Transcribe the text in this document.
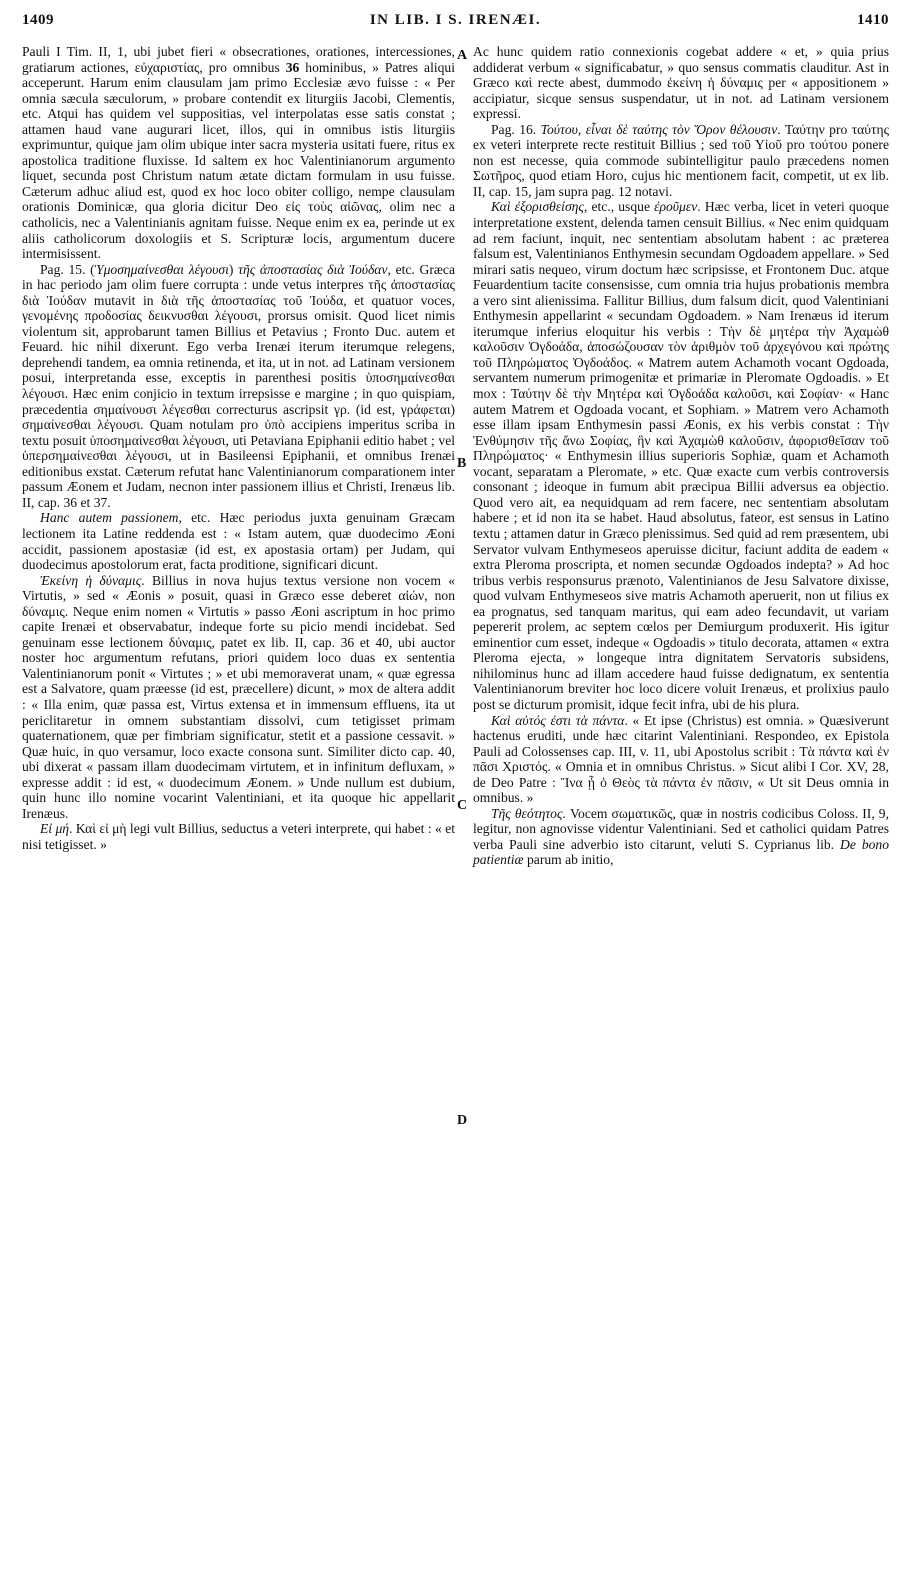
1409	IN LIB. I S. IRENÆI.	1410

Pauli I Tim. II, 1, ubi jubet fieri « obsecrationes, orationes, intercessiones, gratiarum actiones, εὐχαριστίας, pro omnibus 36 hominibus, » Patres aliqui acceperunt. Harum enim clausulam jam primo Ecclesiæ ævo fuisse : « Per omnia sæcula sæculorum, » probare contendit ex liturgiis Jacobi, Clementis, etc. Atqui has quidem vel suppositias, vel interpolatas esse satis constat ; attamen haud vane augurari licet, illos, qui in omnibus istis liturgiis exprimuntur, quique jam olim ubique inter sacra mysteria usitati fuere, ritus ex apostolica traditione fluxisse. Id saltem ex hoc Valentinianorum argumento liquet, secunda post Christum natum ætate dictam formulam in usu fuisse. Cæterum adhuc aliud est, quod ex hoc loco obiter colligo, nempe clausulam orationis Dominicæ, qua gloria dicitur Deo εἰς τοὺς αἰῶνας, olim nec a catholicis, nec a Valentinianis agnitam fuisse. Neque enim ex ea, perinde ut ex aliis catholicorum doxologiis et S. Scripturæ locis, argumentum ducere intermisissent.

Pag. 15. (Ὑμοσημαίνεσθαι λέγουσι) τῆς ἀποστασίας διὰ Ἰούδαν, etc. Græca in hac periodo jam olim fuere corrupta : unde vetus interpres τῆς ἀποστασίας διὰ Ἰούδαν mutavit in διὰ τῆς ἀποστασίας τοῦ Ἰούδα, et quatuor voces, γενομένης προδοσίας δεικνυσθαι λέγουσι, prorsus omisit. Quod licet nimis violentum sit, approbarunt tamen Billius et Petavius ; Fronto Duc. autem et Feuard. hic nihil dixerunt. Ego verba Irenæi iterum iterumque relegens, deprehendi tandem, ea omnia retinenda, et ita, ut in not. ad Latinam versionem posui, interpretanda esse, exceptis in parenthesi positis ὑποσημαίνεσθαι λέγουσι. Hæc enim conjicio in textum irrepsisse e margine ; in quo quispiam, præcedentia σημαίνουσι λέγεσθαι correcturus ascripsit γρ. (id est, γράφεται) σημαίνεσθαι λέγουσι. Quam notulam pro ὑπὸ accipiens imperitus scriba in textu posuit ὑποσημαίνεσθαι λέγουσι, uti Petaviana Epiphanii editio habet ; vel ὑπερσημαίνεσθαι λέγουσι, ut in Basileensi Epiphanii, et omnibus Irenæi editionibus exstat. Cæterum refutat hanc Valentinianorum comparationem inter passum Æonem et Judam, necnon inter passionem illius et Christi, Irenæus lib. II, cap. 36 et 37.

Hanc autem passionem, etc. Hæc periodus juxta genuinam Græcam lectionem ita Latine reddenda est : « Istam autem, quæ duodecimo Æoni accidit, passionem apostasiæ (id est, ex apostasia ortam) per Judam, qui duodecimus apostolorum erat, facta proditione, significari dicunt.

Ἐκείνη ἡ δύναμις. Billius in nova hujus textus versione non vocem « Virtutis, » sed « Æonis » posuit, quasi in Græco esse deberet αἰών, non δύναμις. Neque enim nomen « Virtutis » passo Æoni ascriptum in hoc primo capite Irenæi et observabatur, indeque forte su picio mendi incidebat. Sed genuinam esse lectionem δύναμις, patet ex lib. II, cap. 36 et 40, ubi auctor noster hoc argumentum refutans, priori quidem loco duas ex sententia Valentinianorum ponit « Virtutes ; » et ubi memoraverat unam, « quæ egressa est a Salvatore, quam præesse (id est, præcellere) dicunt, » mox de altera addit : « Illa enim, quæ passa est, Virtus extensa et in immensum effluens, ita ut periclitaretur in omnem substantiam dissolvi, cum tetigisset primam quaternationem, quæ per fimbriam significatur, stetit et a passione cessavit. » Quæ huic, in quo versamur, loco exacte consona sunt. Similiter dicto cap. 40, ubi dixerat « passam illam duodecimam virtutem, et in infinitum defluxam, » expresse addit : id est, « duodecimum Æonem. » Unde nullum est dubium, quin hunc illo nomine vocarint Valentiniani, et ita quoque hic appellarit Irenæus.

Εἰ μή. Καὶ εἰ μὴ legi vult Billius, seductus a veteri interprete, qui habet : « et nisi tetigisset. »

Ac hunc quidem ratio connexionis cogebat addere « et, » quia prius addiderat verbum « significabatur, » quo sensus commatis clauditur. Ast in Græco καὶ recte abest, dummodo ἐκείνη ἡ δύναμις per « appositionem » accipiatur, sicque sensus suspendatur, ut in not. ad Latinam versionem expressi.

Pag. 16. Τούτου, εἶναι δὲ ταύτης τὸν Ὅρον θέλουσιν. Ταύτην pro ταύτης ex veteri interprete recte restituit Billius ; sed τοῦ Υἱοῦ pro τούτου ponere non est necesse, quia commode subintelligitur paulo præcedens nomen Σωτῆρος, quod etiam Horo, cujus hic mentionem facit, competit, ut ex lib. II, cap. 15, jam supra pag. 12 notavi.

Καὶ ἐξορισθείσης, etc., usque ἐροῦμεν. Hæc verba, licet in veteri quoque interpretatione exstent, delenda tamen censuit Billius. « Nec enim quidquam ad rem faciunt, inquit, nec sententiam absolutam habent : ac præterea falsum est, Valentinianos Enthymesin secundam Ogdoadem appellare. » Sed mirari satis nequeo, virum doctum hæc scripsisse, et Frontonem Duc. atque Feuardentium tacite consensisse, cum omnia tria hujus probationis membra a vero sint alienissima. Fallitur Billius, dum falsum dicit, quod Valentiniani Enthymesin appellarint « secundam Ogdoadem. » Nam Irenæus id iterum iterumque inferius eloquitur his verbis : Τὴν δὲ μητέρα τὴν Ἀχαμὼθ καλοῦσιν Ὀγδοάδα, ἀποσώζουσαν τὸν ἀριθμὸν τοῦ ἀρχεγόνου καὶ πρώτης τοῦ Πληρώματος Ὀγδοάδος. « Matrem autem Achamoth vocant Ogdoada, servantem numerum primogenitæ et primariæ in Pleromate Ogdoadis. » Et mox : Ταύτην δὲ τὴν Μητέρα καὶ Ὀγδοάδα καλοῦσι, καὶ Σοφίαν· « Hanc autem Matrem et Ogdoada vocant, et Sophiam. » Matrem vero Achamoth esse illam ipsam Enthymesin passi Æonis, ex his verbis constat : Τὴν Ἐνθύμησιν τῆς ἄνω Σοφίας, ἣν καὶ Ἀχαμὼθ καλοῦσιν, ἀφορισθεῖσαν τοῦ Πληρώματος· « Enthymesin illius superioris Sophiæ, quam et Achamoth vocant, separatam a Pleromate, » etc. Quæ exacte cum verbis controversis consonant ; ideoque in fumum abit præcipua Billii adversus ea objectio. Quod vero ait, ea nequidquam ad rem facere, nec sententiam absolutam habere ; et id non ita se habet. Haud absolutus, fateor, est sensus in Latino textu ; attamen datur in Græco plenissimus. Sed quid ad rem præsentem, ubi Servator vulvam Enthymeseos aperuisse dicitur, faciunt addita de eadem « extra Pleroma proscripta, et nomen secundæ Ogdoados indepta? » Ad hoc tribus verbis responsurus prænoto, Valentinianos de Jesu Salvatore dixisse, quod vulvam Enthymeseos sive matris Achamoth aperuerit, non ut filius ex ea prognatus, sed tanquam maritus, qui eam adeo fecundavit, ut variam pepererit prolem, ac septem cœlos per Demiurgum produxerit. His igitur eminentior cum esset, indeque « Ogdoadis » titulo decorata, attamen « extra Pleroma ejecta, » longeque intra dignitatem Servatoris subsidens, nihilominus hunc ad illam accedere haud fuisse dedignatum, ex sententia Valentinianorum breviter hoc loco dicere voluit Irenæus, et prolixius paulo post se dicturum promisit, idque fecit infra, ubi de his plura.

Καὶ αὐτός ἐστι τὰ πάντα. « Et ipse (Christus) est omnia. » Quæsiverunt hactenus eruditi, unde hæc citarint Valentiniani. Respondeo, ex Epistola Pauli ad Colossenses cap. III, v. 11, ubi Apostolus scribit : Τὰ πάντα καὶ ἐν πᾶσι Χριστός. « Omnia et in omnibus Christus. » Sicut alibi I Cor. XV, 28, de Deo Patre : Ἵνα ᾖ ὁ Θεὸς τὰ πάντα ἐν πᾶσιν, « Ut sit Deus omnia in omnibus. »

Τῆς θεότητος. Vocem σωματικῶς, quæ in nostris codicibus Coloss. II, 9, legitur, non agnovisse videntur Valentiniani. Sed et catholici quidam Patres verba Pauli sine adverbio isto citarunt, veluti S. Cyprianus lib. De bono patientiæ parum ab initio,

A
B
C
D
